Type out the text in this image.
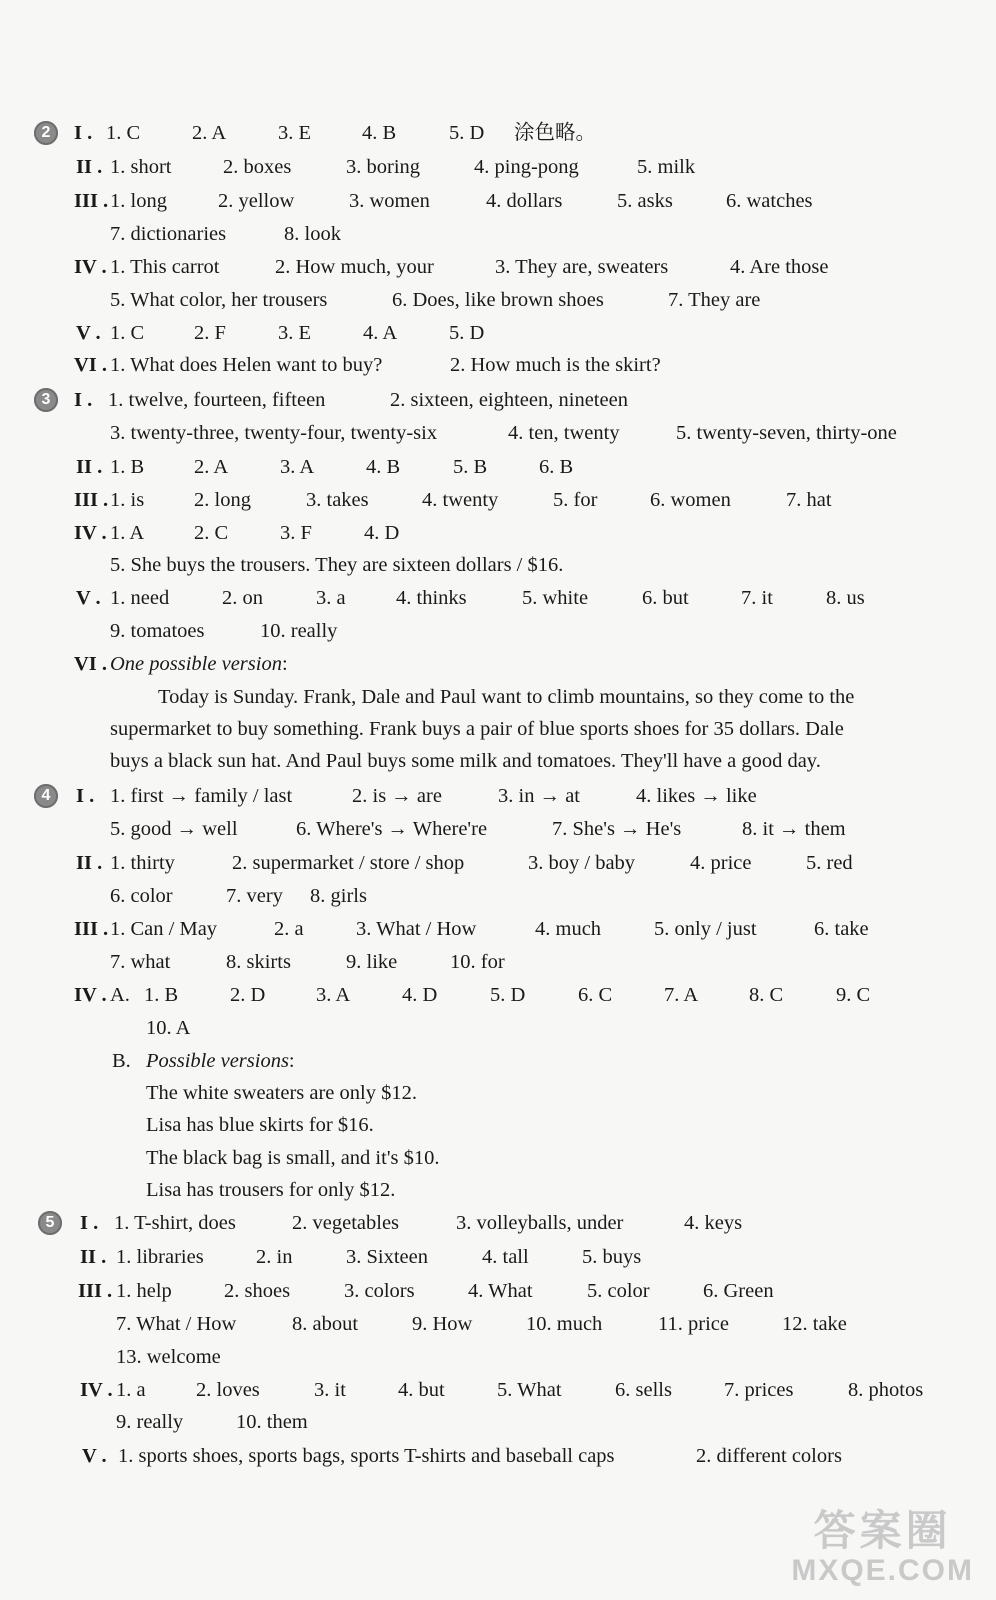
2	I . 1. C	2. A	3. E 4. B	5. D 涂色略。
II . 1. short	2. boxes	3. boring	4. ping-pong	5. milk
III . 1. long 2. yellow	3. women	4. dollars	5. asks	6. watches
7. dictionaries	8. look
IV . 1. This carrot	2. How much, your	3. They are, sweaters	4. Are those
5. What color, her trousers	6. Does, like brown shoes	7. They are
V . 1. C 2. F	3. E	4. A	5. D
VI . 1. What does Helen want to buy?	2. How much is the skirt?
3	I . 1. twelve, fourteen, fifteen	2. sixteen, eighteen, nineteen
3. twenty-three, twenty-four, twenty-six	4. ten, twenty	5. twenty-seven, thirty-one
II . 1. B 2. A	3. A	4. B	5. B	6. B
III . 1. is 2. long	3. takes	4. twenty	5. for	6. women	7. hat
IV . 1. A 2. C	3. F	4. D
5. She buys the trousers. They are sixteen dollars / $16.
V . 1. need	2. on	3. a 4. thinks	5. white	6. but	7. it	8. us
9. tomatoes	10. really
VI . One possible version:
Today is Sunday. Frank, Dale and Paul want to climb mountains, so they come to the
supermarket to buy something. Frank buys a pair of blue sports shoes for 35 dollars. Dale
buys a black sun hat. And Paul buys some milk and tomatoes. They'll have a good day.
4	I . 1. first → family / last	2. is → are	3. in → at	4. likes → like
5. good → well	6. Where's → Where're	7. She's → He's	8. it → them
II . 1. thirty	2. supermarket / store / shop	3. boy / baby	4. price	5. red
6. color	7. very 8. girls
III . 1. Can / May	2. a	3. What / How	4. much	5. only / just	6. take
7. what	8. skirts	9. like	10. for
IV . A. 1. B	2. D 3. A	4. D	5. D	6. C	7. A 8. C	9. C
10. A
B. Possible versions:
The white sweaters are only $12.
Lisa has blue skirts for $16.
The black bag is small, and it's $10.
Lisa has trousers for only $12.
5	I . 1. T-shirt, does	2. vegetables	3. volleyballs, under	4. keys
II . 1. libraries	2. in	3. Sixteen	4. tall	5. buys
III . 1. help	2. shoes	3. colors	4. What	5. color	6. Green
7. What / How	8. about	9. How	10. much	11. price	12. take
13. welcome
IV . 1. a 2. loves	3. it	4. but	5. What	6. sells	7. prices	8. photos
9. really	10. them
V . 1. sports shoes, sports bags, sports T-shirts and baseball caps	2. different colors
答案圈
MXQE.COM
